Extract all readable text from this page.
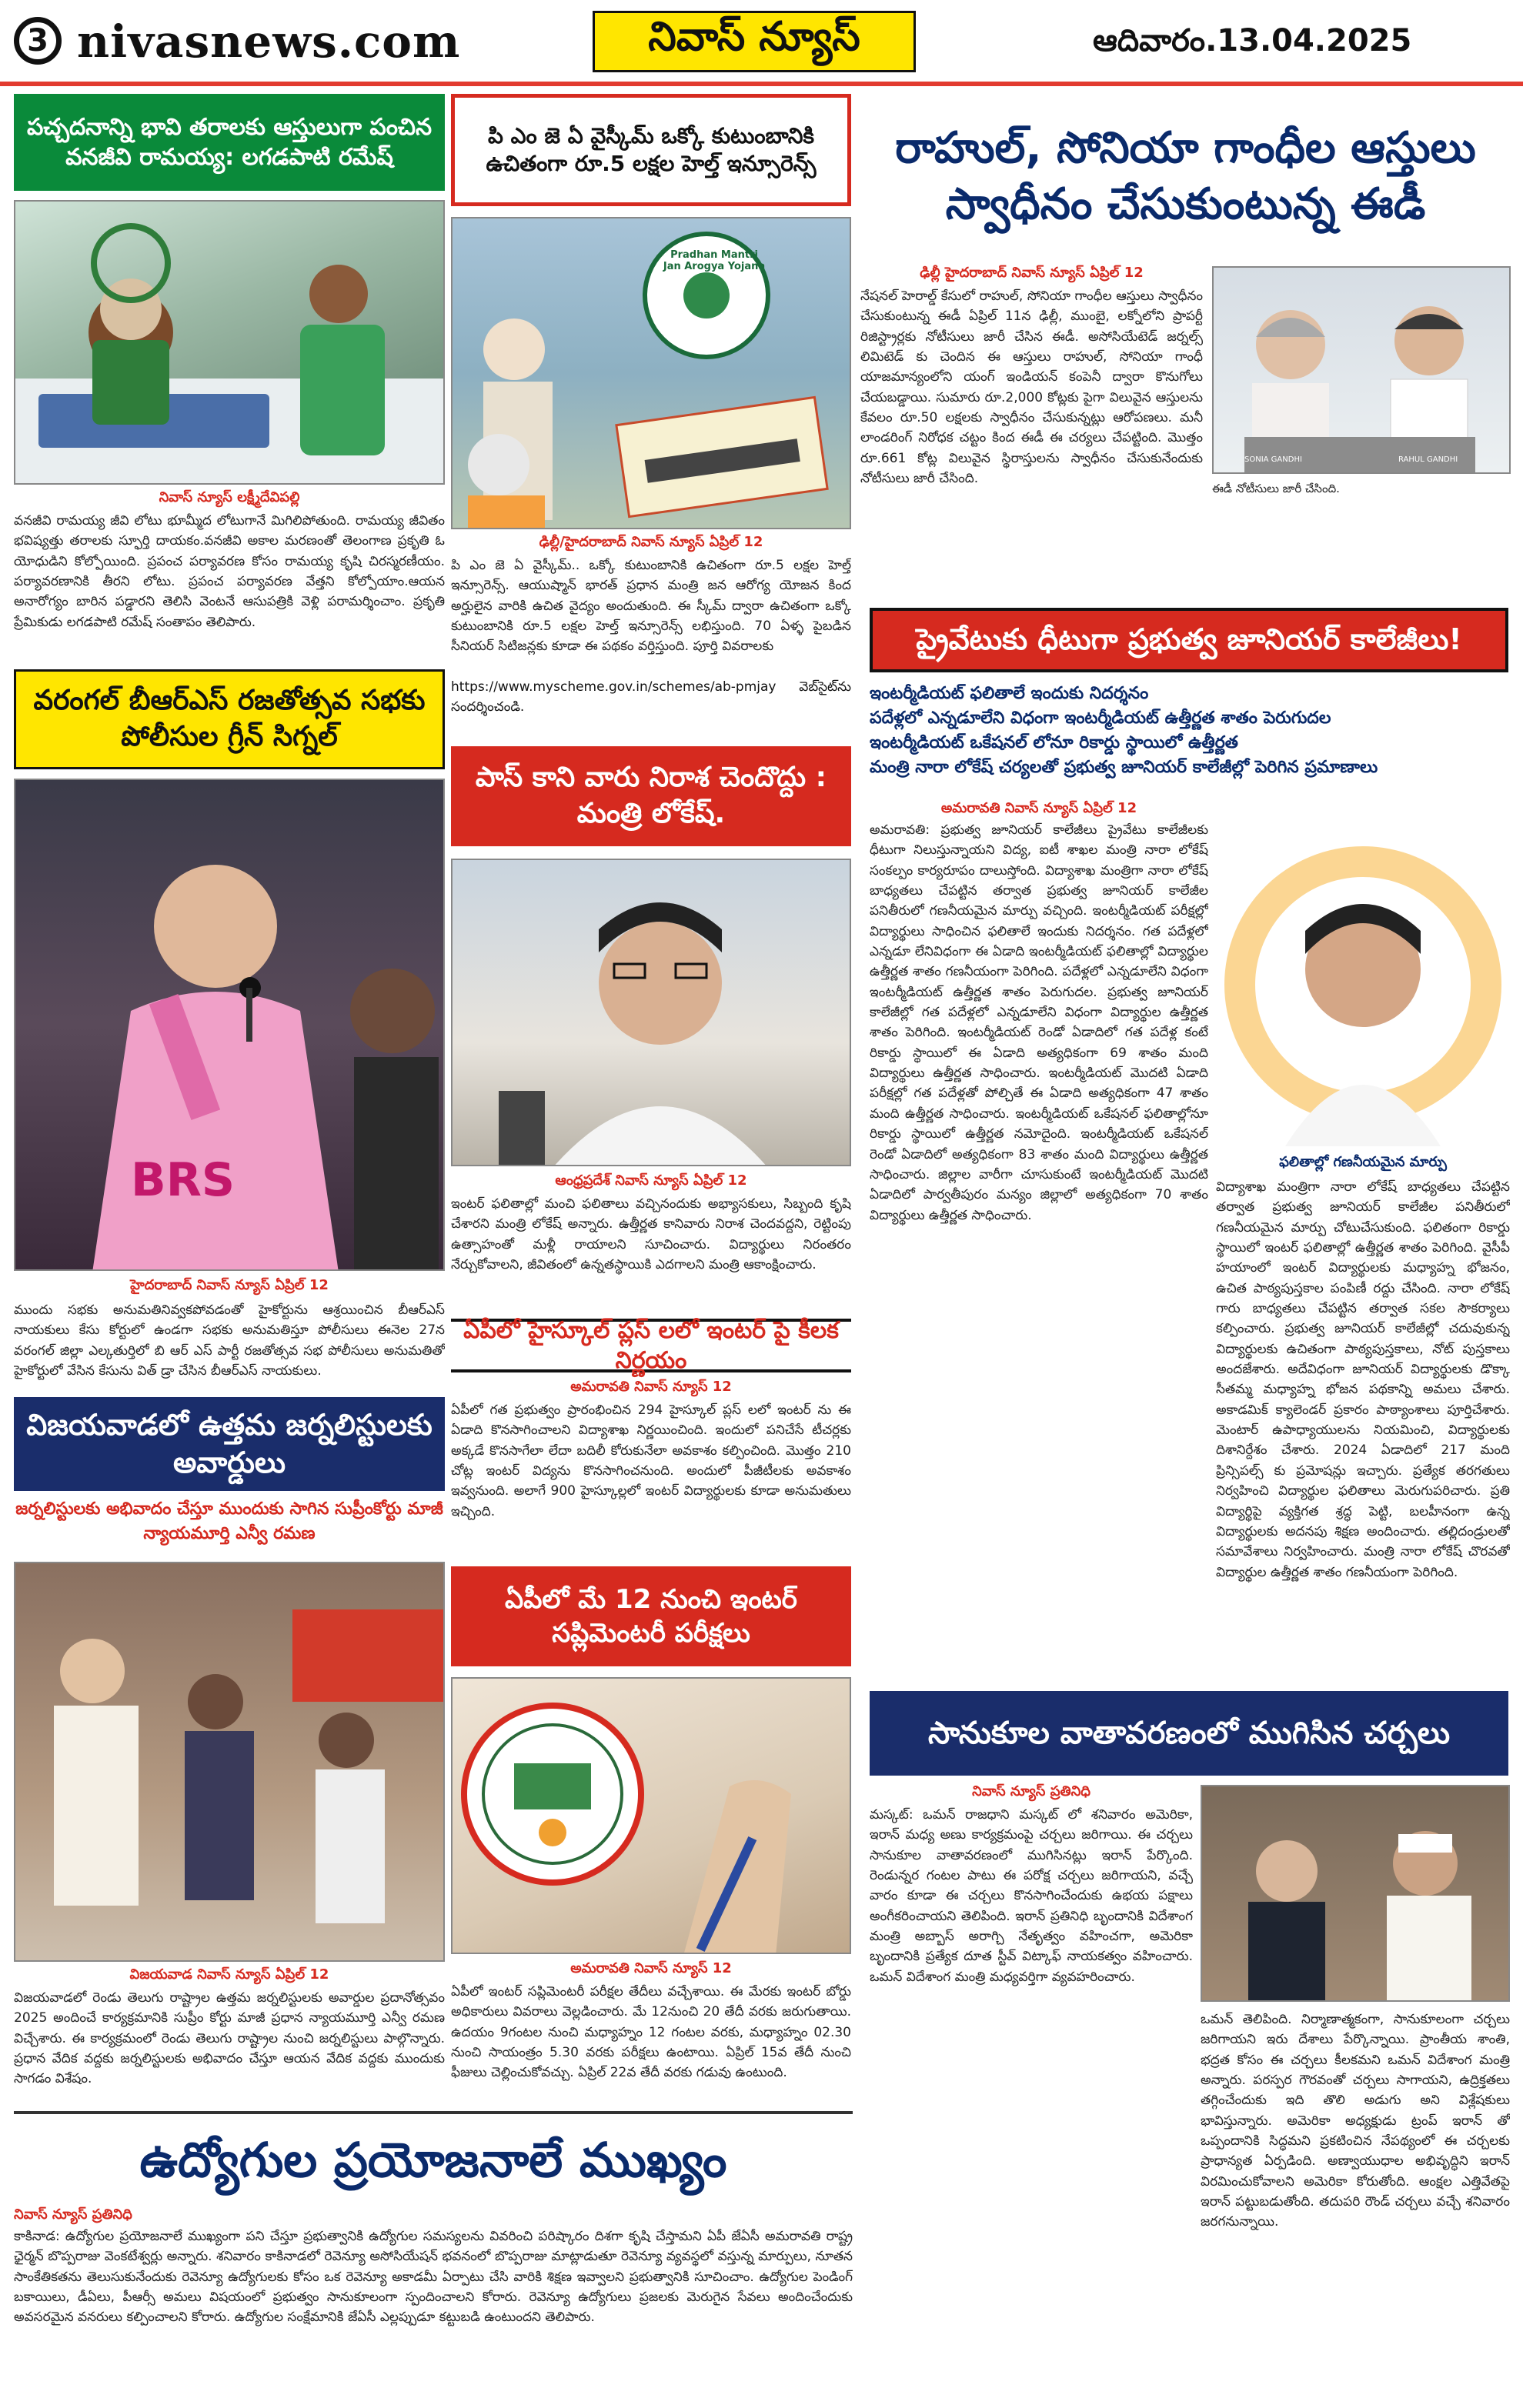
3 nivasnews.com	నివాస్ న్యూస్	ఆదివారం.13.04.2025
పచ్చదనాన్ని భావి తరాలకు ఆస్తులుగా పంచిన వనజీవి రామయ్య: లగడపాటి రమేష్
నివాస్ న్యూస్ లక్ష్మీదేవిపల్లి
వనజీవి రామయ్య జీవి లోటు భూమ్మీద లోటుగానే మిగిలిపోతుంది. రామయ్య జీవితం భవిష్యత్తు తరాలకు స్ఫూర్తి దాయకం.వనజీవి అకాల మరణంతో తెలంగాణ ప్రకృతి ఓ యోధుడిని కోల్పోయింది. ప్రపంచ పర్యావరణ కోసం రామయ్య కృషి చిరస్మరణీయం. పర్యావరణానికి తీరని లోటు. ప్రపంచ పర్యావరణ వేత్తని కోల్పోయాం.ఆయన అనారోగ్యం బారిన పడ్డారని తెలిసి వెంటనే ఆసుపత్రికి వెళ్లి పరామర్శించాం. ప్రకృతి ప్రేమికుడు లగడపాటి రమేష్ సంతాపం తెలిపారు.
వరంగల్ బీఆర్ఎస్ రజతోత్సవ సభకు పోలీసుల గ్రీన్ సిగ్నల్
BRS
హైదరాబాద్ నివాస్ న్యూస్ ఏప్రిల్ 12
ముందు సభకు అనుమతినివ్వకపోవడంతో హైకోర్టును ఆశ్రయించిన బీఆర్ఎస్ నాయకులు కేసు కోర్టులో ఉండగా సభకు అనుమతిస్తూ పోలీసులు ఈనెల 27న వరంగల్ జిల్లా ఎల్కతుర్తిలో బి ఆర్ ఎస్ పార్టీ రజతోత్సవ సభ పోలీసులు అనుమతితో హైకోర్టులో వేసిన కేసును విత్ డ్రా చేసిన బీఆర్ఎస్ నాయకులు.
విజయవాడలో ఉత్తమ జర్నలిస్టులకు అవార్డులు
జర్నలిస్టులకు అభివాదం చేస్తూ ముందుకు సాగిన సుప్రీంకోర్టు మాజీ న్యాయమూర్తి ఎన్వీ రమణ
విజయవాడ నివాస్ న్యూస్ ఏప్రిల్ 12
విజయవాడలో రెండు తెలుగు రాష్ట్రాల ఉత్తమ జర్నలిస్టులకు అవార్డుల ప్రదానోత్సవం 2025 అందించే కార్యక్రమానికి సుప్రీం కోర్టు మాజీ ప్రధాన న్యాయమూర్తి ఎన్వీ రమణ విచ్చేశారు. ఈ కార్యక్రమంలో రెండు తెలుగు రాష్ట్రాల నుంచి జర్నలిస్టులు పాల్గొన్నారు. ప్రధాన వేదిక వద్దకు జర్నలిస్టులకు అభివాదం చేస్తూ ఆయన వేదిక వద్దకు ముందుకు సాగడం విశేషం.
పి ఎం జె ఏ వైస్కీమ్ ఒక్కో కుటుంబానికి ఉచితంగా రూ.5 లక్షల హెల్త్ ఇన్సూరెన్స్
Pradhan Mantri Jan Arogya Yojana
ఢిల్లీ/హైదరాబాద్ నివాస్ న్యూస్ ఏప్రిల్ 12
పి ఎం జె ఏ వైస్కీమ్.. ఒక్కో కుటుంబానికి ఉచితంగా రూ.5 లక్షల హెల్త్ ఇన్సూరెన్స్. ఆయుష్మాన్ భారత్ ప్రధాన మంత్రి జన ఆరోగ్య యోజన కింద అర్హులైన వారికి ఉచిత వైద్యం అందుతుంది. ఈ స్కీమ్ ద్వారా ఉచితంగా ఒక్కో కుటుంబానికి రూ.5 లక్షల హెల్త్ ఇన్సూరెన్స్ లభిస్తుంది. 70 ఏళ్ళ పైబడిన సీనియర్ సిటిజన్లకు కూడా ఈ పథకం వర్తిస్తుంది. పూర్తి వివరాలకు
https://www.myscheme.gov.in/schemes/ab-pmjay వెబ్‌సైట్‌ను సందర్శించండి.
పాస్ కాని వారు నిరాశ చెందొద్దు : మంత్రి లోకేష్.
ఆంధ్రప్రదేశ్ నివాస్ న్యూస్ ఏప్రిల్ 12
ఇంటర్ ఫలితాల్లో మంచి ఫలితాలు వచ్చినందుకు అభ్యాసకులు, సిబ్బంది కృషి చేశారని మంత్రి లోకేష్ అన్నారు. ఉత్తీర్ణత కానివారు నిరాశ చెందవద్దని, రెట్టింపు ఉత్సాహంతో మళ్లీ రాయాలని సూచించారు. విద్యార్థులు నిరంతరం నేర్చుకోవాలని, జీవితంలో ఉన్నతస్థాయికి ఎదగాలని మంత్రి ఆకాంక్షించారు.
ఏపీలో హైస్కూల్ ప్లస్ లలో ఇంటర్ పై కీలక నిర్ణయం
అమరావతి నివాస్ న్యూస్ 12
ఏపీలో గత ప్రభుత్వం ప్రారంభించిన 294 హైస్కూల్ ప్లస్ లలో ఇంటర్ ను ఈ ఏడాది కొనసాగించాలని విద్యాశాఖ నిర్ణయించింది. ఇందులో పనిచేసే టీచర్లకు అక్కడే కొనసాగేలా లేదా బదిలీ కోరుకునేలా అవకాశం కల్పించింది. మొత్తం 210 చోట్ల ఇంటర్ విద్యను కొనసాగించనుంది. అందులో పీజీటీలకు అవకాశం ఇవ్వనుంది. అలాగే 900 హైస్కూల్లలో ఇంటర్ విద్యార్థులకు కూడా అనుమతులు ఇచ్చింది.
ఏపీలో మే 12 నుంచి ఇంటర్ సప్లిమెంటరీ పరీక్షలు
అమరావతి నివాస్ న్యూస్ 12
ఏపీలో ఇంటర్ సప్లిమెంటరీ పరీక్షల తేదీలు వచ్చేశాయి. ఈ మేరకు ఇంటర్ బోర్డు అధికారులు వివరాలు వెల్లడించారు. మే 12నుంచి 20 తేదీ వరకు జరుగుతాయి. ఉదయం 9గంటల నుంచి మధ్యాహ్నం 12 గంటల వరకు, మధ్యాహ్నం 02.30 నుంచి సాయంత్రం 5.30 వరకు పరీక్షలు ఉంటాయి. ఏప్రిల్ 15వ తేదీ నుంచి ఫీజులు చెల్లించుకోవచ్చు. ఏప్రిల్ 22వ తేదీ వరకు గడువు ఉంటుంది.
రాహుల్, సోనియా గాంధీల ఆస్తులు స్వాధీనం చేసుకుంటున్న ఈడీ
ఢిల్లీ హైదరాబాద్ నివాస్ న్యూస్ ఏప్రిల్ 12
నేషనల్ హెరాల్డ్ కేసులో రాహుల్, సోనియా గాంధీల ఆస్తులు స్వాధీనం చేసుకుంటున్న ఈడీ ఏప్రిల్ 11న ఢిల్లీ, ముంబై, లక్నోలోని ప్రాపర్టీ రిజిస్ట్రార్లకు నోటీసులు జారీ చేసిన ఈడీ. అసోసియేటెడ్ జర్నల్స్ లిమిటెడ్ కు చెందిన ఈ ఆస్తులు రాహుల్, సోనియా గాంధీ యాజమాన్యంలోని యంగ్ ఇండియన్ కంపెనీ ద్వారా కొనుగోలు చేయబడ్డాయి. సుమారు రూ.2,000 కోట్లకు పైగా విలువైన ఆస్తులను కేవలం రూ.50 లక్షలకు స్వాధీనం చేసుకున్నట్లు ఆరోపణలు. మనీ లాండరింగ్ నిరోధక చట్టం కింద ఈడీ ఈ చర్యలు చేపట్టింది. మొత్తం రూ.661 కోట్ల విలువైన స్థిరాస్తులను స్వాధీనం చేసుకునేందుకు నోటీసులు జారీ చేసింది.
SONIA GANDHI	RAHUL GANDHI
ఈడీ నోటీసులు జారీ చేసింది.
ప్రైవేటుకు ధీటుగా ప్రభుత్వ జూనియర్ కాలేజీలు!
ఇంటర్మీడియట్ ఫలితాలే ఇందుకు నిదర్శనం
పదేళ్లలో ఎన్నడూలేని విధంగా ఇంటర్మీడియట్ ఉత్తీర్ణత శాతం పెరుగుదల
ఇంటర్మీడియట్ ఒకేషనల్ లోనూ రికార్డు స్థాయిలో ఉత్తీర్ణత
మంత్రి నారా లోకేష్ చర్యలతో ప్రభుత్వ జూనియర్ కాలేజీల్లో పెరిగిన ప్రమాణాలు
అమరావతి నివాస్ న్యూస్ ఏప్రిల్ 12
అమరావతి: ప్రభుత్వ జూనియర్ కాలేజీలు ప్రైవేటు కాలేజీలకు ధీటుగా నిలుస్తున్నాయని విద్య, ఐటీ శాఖల మంత్రి నారా లోకేష్ సంకల్పం కార్యరూపం దాలుస్తోంది. విద్యాశాఖ మంత్రిగా నారా లోకేష్ బాధ్యతలు చేపట్టిన తర్వాత ప్రభుత్వ జూనియర్ కాలేజీల పనితీరులో గణనీయమైన మార్పు వచ్చింది. ఇంటర్మీడియట్ పరీక్షల్లో విద్యార్థులు సాధించిన ఫలితాలే ఇందుకు నిదర్శనం. గత పదేళ్లలో ఎన్నడూ లేనివిధంగా ఈ ఏడాది ఇంటర్మీడియట్ ఫలితాల్లో విద్యార్థుల ఉత్తీర్ణత శాతం గణనీయంగా పెరిగింది. పదేళ్లలో ఎన్నడూలేని విధంగా ఇంటర్మీడియట్ ఉత్తీర్ణత శాతం పెరుగుదల. ప్రభుత్వ జూనియర్ కాలేజీల్లో గత పదేళ్లలో ఎన్నడూలేని విధంగా విద్యార్థుల ఉత్తీర్ణత శాతం పెరిగింది. ఇంటర్మీడియట్ రెండో ఏడాదిలో గత పదేళ్ల కంటే రికార్డు స్థాయిలో ఈ ఏడాది అత్యధికంగా 69 శాతం మంది విద్యార్థులు ఉత్తీర్ణత సాధించారు. ఇంటర్మీడియట్ మొదటి ఏడాది పరీక్షల్లో గత పదేళ్లతో పోల్చితే ఈ ఏడాది అత్యధికంగా 47 శాతం మంది ఉత్తీర్ణత సాధించారు. ఇంటర్మీడియట్ ఒకేషనల్ ఫలితాల్లోనూ రికార్డు స్థాయిలో ఉత్తీర్ణత నమోదైంది. ఇంటర్మీడియట్ ఒకేషనల్ రెండో ఏడాదిలో అత్యధికంగా 83 శాతం మంది విద్యార్థులు ఉత్తీర్ణత సాధించారు. జిల్లాల వారీగా చూసుకుంటే ఇంటర్మీడియట్ మొదటి ఏడాదిలో పార్వతీపురం మన్యం జిల్లాలో అత్యధికంగా 70 శాతం విద్యార్థులు ఉత్తీర్ణత సాధించారు.
ఫలితాల్లో గణనీయమైన మార్పు
విద్యాశాఖ మంత్రిగా నారా లోకేష్ బాధ్యతలు చేపట్టిన తర్వాత ప్రభుత్వ జూనియర్ కాలేజీల పనితీరులో గణనీయమైన మార్పు చోటుచేసుకుంది. ఫలితంగా రికార్డు స్థాయిలో ఇంటర్ ఫలితాల్లో ఉత్తీర్ణత శాతం పెరిగింది. వైసీపీ హయాంలో ఇంటర్ విద్యార్థులకు మధ్యాహ్న భోజనం, ఉచిత పాఠ్యపుస్తకాల పంపిణీ రద్దు చేసింది. నారా లోకేష్ గారు బాధ్యతలు చేపట్టిన తర్వాత సకల సౌకర్యాలు కల్పించారు. ప్రభుత్వ జూనియర్ కాలేజీల్లో చదువుకున్న విద్యార్థులకు ఉచితంగా పాఠ్యపుస్తకాలు, నోట్ పుస్తకాలు అందజేశారు. అదేవిధంగా జూనియర్ విద్యార్థులకు డొక్కా సీతమ్మ మధ్యాహ్న భోజన పథకాన్ని అమలు చేశారు. అకాడమిక్ క్యాలెండర్ ప్రకారం పాఠ్యాంశాలు పూర్తిచేశారు. మెంటార్ ఉపాధ్యాయులను నియమించి, విద్యార్థులకు దిశానిర్దేశం చేశారు. 2024 ఏడాదిలో 217 మంది ప్రిన్సిపల్స్ కు ప్రమోషన్లు ఇచ్చారు. ప్రత్యేక తరగతులు నిర్వహించి విద్యార్థుల ఫలితాలు మెరుగుపరిచారు. ప్రతి విద్యార్థిపై వ్యక్తిగత శ్రద్ధ పెట్టి, బలహీనంగా ఉన్న విద్యార్థులకు అదనపు శిక్షణ అందించారు. తల్లిదండ్రులతో సమావేశాలు నిర్వహించారు. మంత్రి నారా లోకేష్ చొరవతో విద్యార్థుల ఉత్తీర్ణత శాతం గణనీయంగా పెరిగింది.
సానుకూల వాతావరణంలో ముగిసిన చర్చలు
నివాస్ న్యూస్ ప్రతినిధి
మస్కట్: ఒమన్ రాజధాని మస్కట్ లో శనివారం అమెరికా, ఇరాన్ మధ్య అణు కార్యక్రమంపై చర్చలు జరిగాయి. ఈ చర్చలు సానుకూల వాతావరణంలో ముగిసినట్లు ఇరాన్ పేర్కొంది. రెండున్నర గంటల పాటు ఈ పరోక్ష చర్చలు జరిగాయని, వచ్చే వారం కూడా ఈ చర్చలు కొనసాగించేందుకు ఉభయ పక్షాలు అంగీకరించాయని తెలిపింది. ఇరాన్ ప్రతినిధి బృందానికి విదేశాంగ మంత్రి అబ్బాస్ అరాగ్చి నేతృత్వం వహించగా, అమెరికా బృందానికి ప్రత్యేక దూత స్టీవ్ విట్కాఫ్ నాయకత్వం వహించారు. ఒమన్ విదేశాంగ మంత్రి మధ్యవర్తిగా వ్యవహరించారు.
ఒమన్ తెలిపింది. నిర్మాణాత్మకంగా, సానుకూలంగా చర్చలు జరిగాయని ఇరు దేశాలు పేర్కొన్నాయి. ప్రాంతీయ శాంతి, భద్రత కోసం ఈ చర్చలు కీలకమని ఒమన్ విదేశాంగ మంత్రి అన్నారు. పరస్పర గౌరవంతో చర్చలు సాగాయని, ఉద్రిక్తతలు తగ్గించేందుకు ఇది తొలి అడుగు అని విశ్లేషకులు భావిస్తున్నారు. అమెరికా అధ్యక్షుడు ట్రంప్ ఇరాన్ తో ఒప్పందానికి సిద్ధమని ప్రకటించిన నేపథ్యంలో ఈ చర్చలకు ప్రాధాన్యత ఏర్పడింది. అణ్వాయుధాల అభివృద్ధిని ఇరాన్ విరమించుకోవాలని అమెరికా కోరుతోంది. ఆంక్షల ఎత్తివేతపై ఇరాన్ పట్టుబడుతోంది. తదుపరి రౌండ్ చర్చలు వచ్చే శనివారం జరగనున్నాయి.
ఉద్యోగుల ప్రయోజనాలే ముఖ్యం
నివాస్ న్యూస్ ప్రతినిధి
కాకినాడ: ఉద్యోగుల ప్రయోజనాలే ముఖ్యంగా పని చేస్తూ ప్రభుత్వానికి ఉద్యోగుల సమస్యలను వివరించి పరిష్కారం దిశగా కృషి చేస్తామని ఏపీ జేఏసీ అమరావతి రాష్ట్ర ఛైర్మన్ బొప్పరాజు వెంకటేశ్వర్లు అన్నారు. శనివారం కాకినాడలో రెవెన్యూ అసోసియేషన్ భవనంలో బొప్పరాజు మాట్లాడుతూ రెవెన్యూ వ్యవస్థలో వస్తున్న మార్పులు, నూతన సాంకేతికతను తెలుసుకునేందుకు రెవెన్యూ ఉద్యోగులకు కోసం ఒక రెవెన్యూ అకాడమీ ఏర్పాటు చేసి వారికి శిక్షణ ఇవ్వాలని ప్రభుత్వానికి సూచించాం. ఉద్యోగుల పెండింగ్ బకాయిలు, డీఏలు, పీఆర్సీ అమలు విషయంలో ప్రభుత్వం సానుకూలంగా స్పందించాలని కోరారు. రెవెన్యూ ఉద్యోగులు ప్రజలకు మెరుగైన సేవలు అందించేందుకు అవసరమైన వనరులు కల్పించాలని కోరారు. ఉద్యోగుల సంక్షేమానికి జేఏసీ ఎల్లప్పుడూ కట్టుబడి ఉంటుందని తెలిపారు.
